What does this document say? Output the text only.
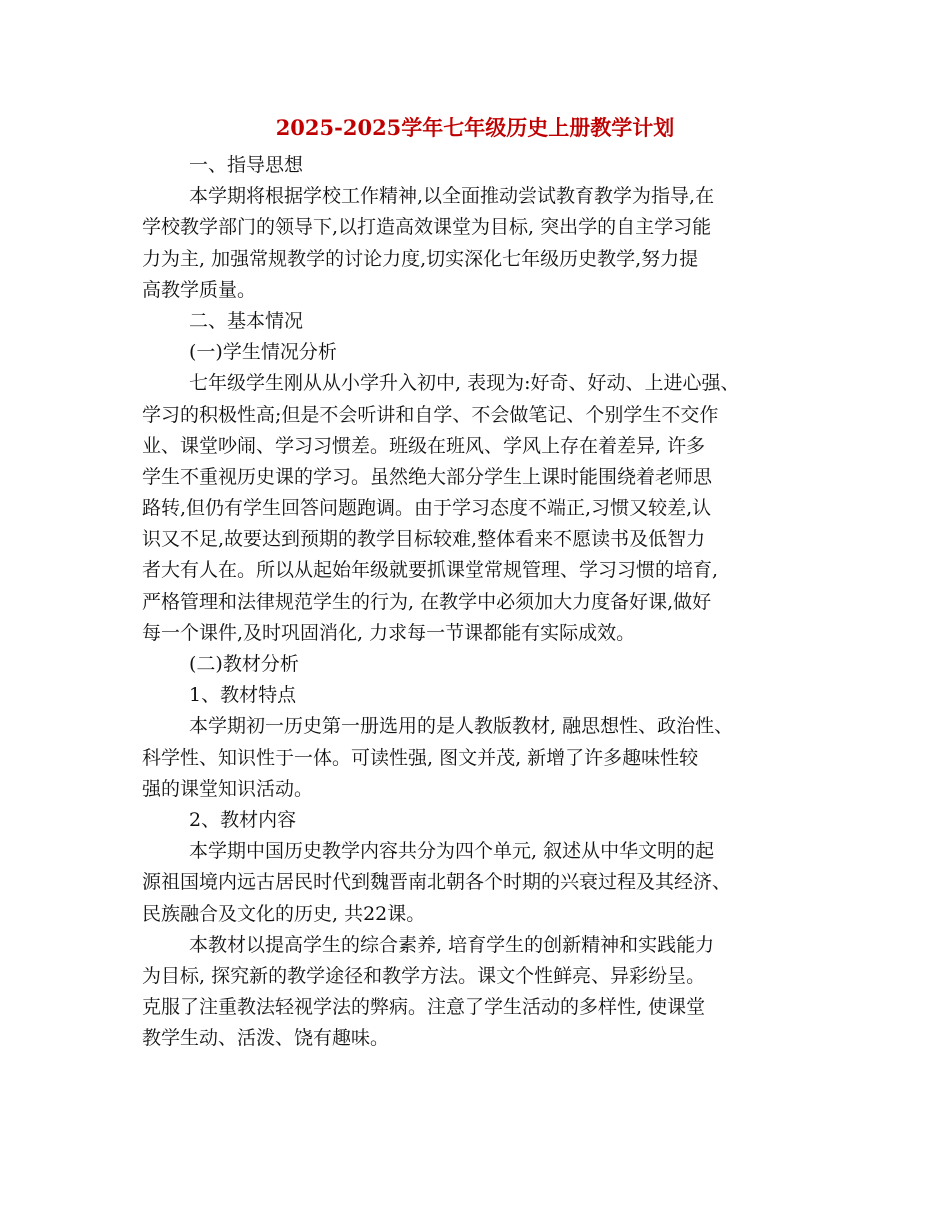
2025-2025学年七年级历史上册教学计划
一、指导思想
本学期将根据学校工作精神,以全面推动尝试教育教学为指导,在
学校教学部门的领导下,以打造高效课堂为目标, 突出学的自主学习能
力为主, 加强常规教学的讨论力度,切实深化七年级历史教学,努力提
高教学质量。
二、基本情况
(一)学生情况分析
七年级学生刚从从小学升入初中, 表现为:好奇、好动、上进心强、
学习的积极性高;但是不会听讲和自学、不会做笔记、个别学生不交作
业、课堂吵闹、学习习惯差。班级在班风、学风上存在着差异, 许多
学生不重视历史课的学习。虽然绝大部分学生上课时能围绕着老师思
路转,但仍有学生回答问题跑调。由于学习态度不端正,习惯又较差,认
识又不足,故要达到预期的教学目标较难,整体看来不愿读书及低智力
者大有人在。所以从起始年级就要抓课堂常规管理、学习习惯的培育,
严格管理和法律规范学生的行为, 在教学中必须加大力度备好课,做好
每一个课件,及时巩固消化, 力求每一节课都能有实际成效。
(二)教材分析
1、教材特点
本学期初一历史第一册选用的是人教版教材, 融思想性、政治性、
科学性、知识性于一体。可读性强, 图文并茂, 新增了许多趣味性较
强的课堂知识活动。
2、教材内容
本学期中国历史教学内容共分为四个单元, 叙述从中华文明的起
源祖国境内远古居民时代到魏晋南北朝各个时期的兴衰过程及其经济、
民族融合及文化的历史, 共22课。
本教材以提高学生的综合素养, 培育学生的创新精神和实践能力
为目标, 探究新的教学途径和教学方法。课文个性鲜亮、异彩纷呈。
克服了注重教法轻视学法的弊病。注意了学生活动的多样性, 使课堂
教学生动、活泼、饶有趣味。
